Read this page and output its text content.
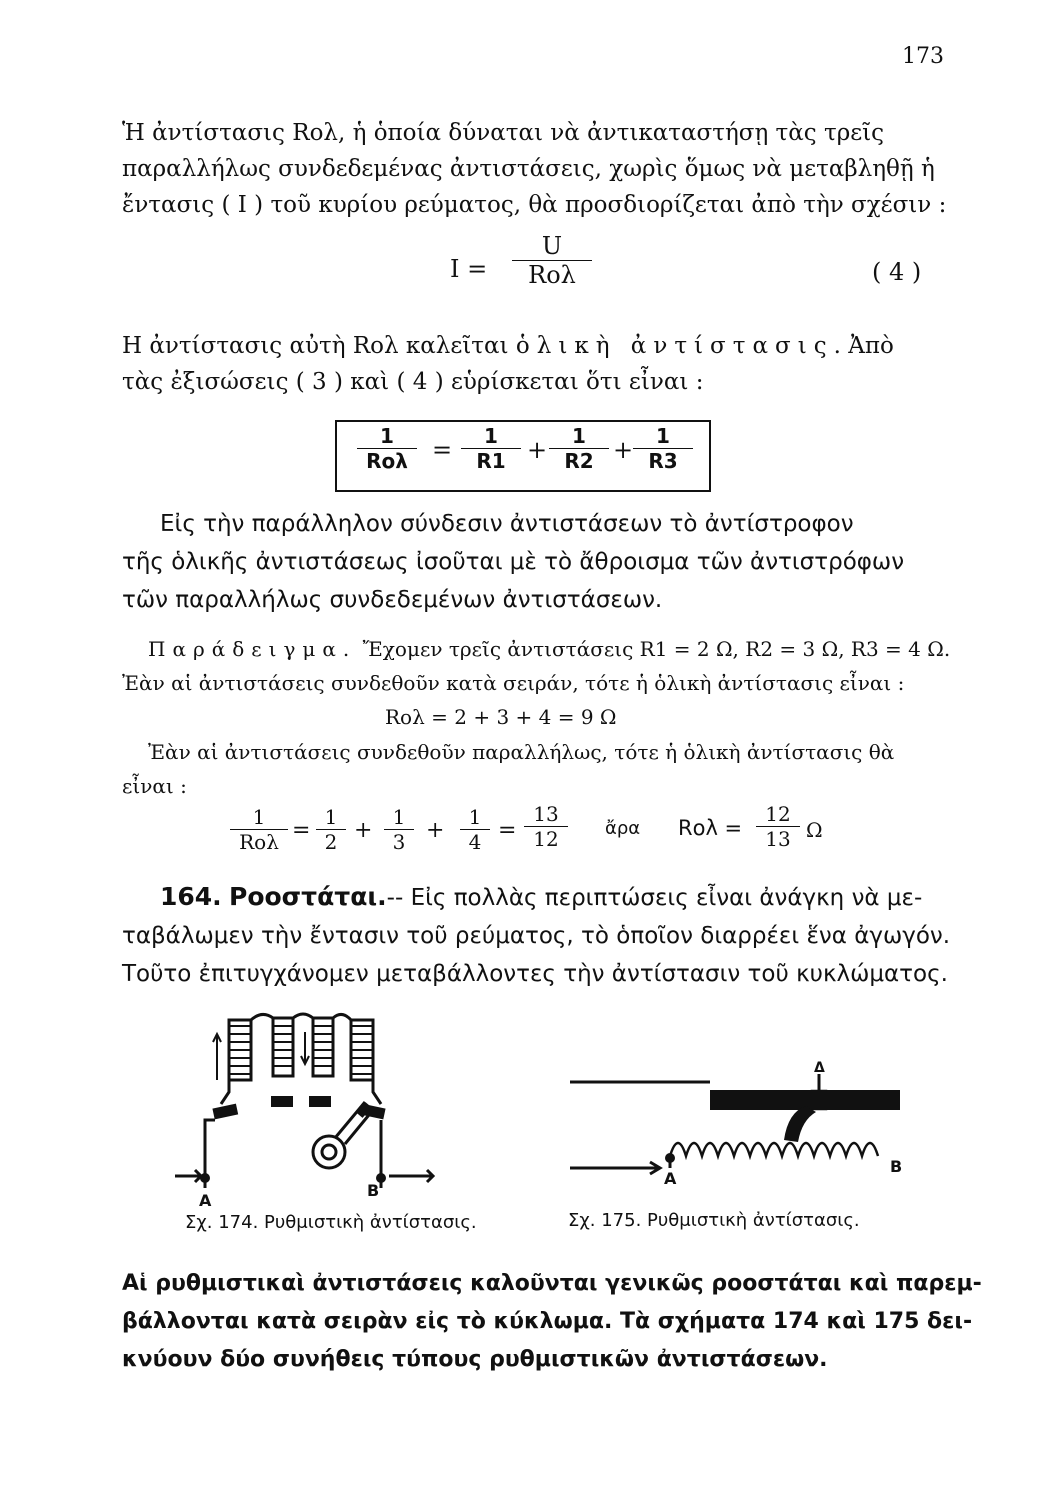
173
Ἡ ἀντίστασις Rολ, ἡ ὁποία δύναται νὰ ἀντικαταστήσῃ τὰς τρεῖς
παραλλήλως συνδεδεμένας ἀντιστάσεις, χωρὶς ὅμως νὰ μεταβληθῇ ἡ
ἔντασις ( I ) τοῦ κυρίου ρεύματος, θὰ προσδιορίζεται ἀπὸ τὴν σχέσιν :
I =
U
Rολ	( 4 )
Η ἀντίστασις αὐτὴ Rολ καλεῖται ὁλικὴ ἀντίστασις. Ἀπὸ
τὰς ἐξισώσεις ( 3 ) καὶ ( 4 ) εὑρίσκεται ὅτι εἶναι :
1
Rολ	= $\frac{1}{R1} + \frac{1}{R2} + \frac{1}{R3}$
Εἰς τὴν παράλληλον σύνδεσιν ἀντιστάσεων τὸ ἀντίστροφον
τῆς ὁλικῆς ἀντιστάσεως ἰσοῦται μὲ τὸ ἄθροισμα τῶν ἀντιστρόφων
τῶν παραλλήλως συνδεδεμένων ἀντιστάσεων.
Παράδειγμα. Ἔχομεν τρεῖς ἀντιστάσεις R1 = 2 Ω, R2 = 3 Ω, R3 = 4 Ω.
Ἐὰν αἱ ἀντιστάσεις συνδεθοῦν κατὰ σειράν, τότε ἡ ὁλικὴ ἀντίστασις εἶναι :
Rολ = 2 + 3 + 4 = 9 Ω
Ἐὰν αἱ ἀντιστάσεις συνδεθοῦν παραλλήλως, τότε ἡ ὁλικὴ ἀντίστασις θὰ
εἶναι :
1
$Ro\lambda = \frac{1}{2} + \frac{1}{3} + \frac{1}{4} = \frac{13}{12}$ ἄρα $Ro\lambda = \frac{12}{13}$ Ω
164. Ροοστάται.-- Εἰς πολλὰς περιπτώσεις εἶναι ἀνάγκη νὰ με-
ταβάλωμεν τὴν ἔντασιν τοῦ ρεύματος, τὸ ὁποῖον διαρρέει ἕνα ἀγωγόν.
Τοῦτο ἐπιτυγχάνομεν μεταβάλλοντες τὴν ἀντίστασιν τοῦ κυκλώματος.
A
B
Σχ. 174. Ρυθμιστικὴ ἀντίστασις.
Δ
A
B
Σχ. 175. Ρυθμιστικὴ ἀντίστασις.
Αἱ ρυθμιστικαὶ ἀντιστάσεις καλοῦνται γενικῶς ροοστάται καὶ παρεμ-
βάλλονται κατὰ σειρὰν εἰς τὸ κύκλωμα. Τὰ σχήματα 174 καὶ 175 δει-
κνύουν δύο συνήθεις τύπους ρυθμιστικῶν ἀντιστάσεων.
